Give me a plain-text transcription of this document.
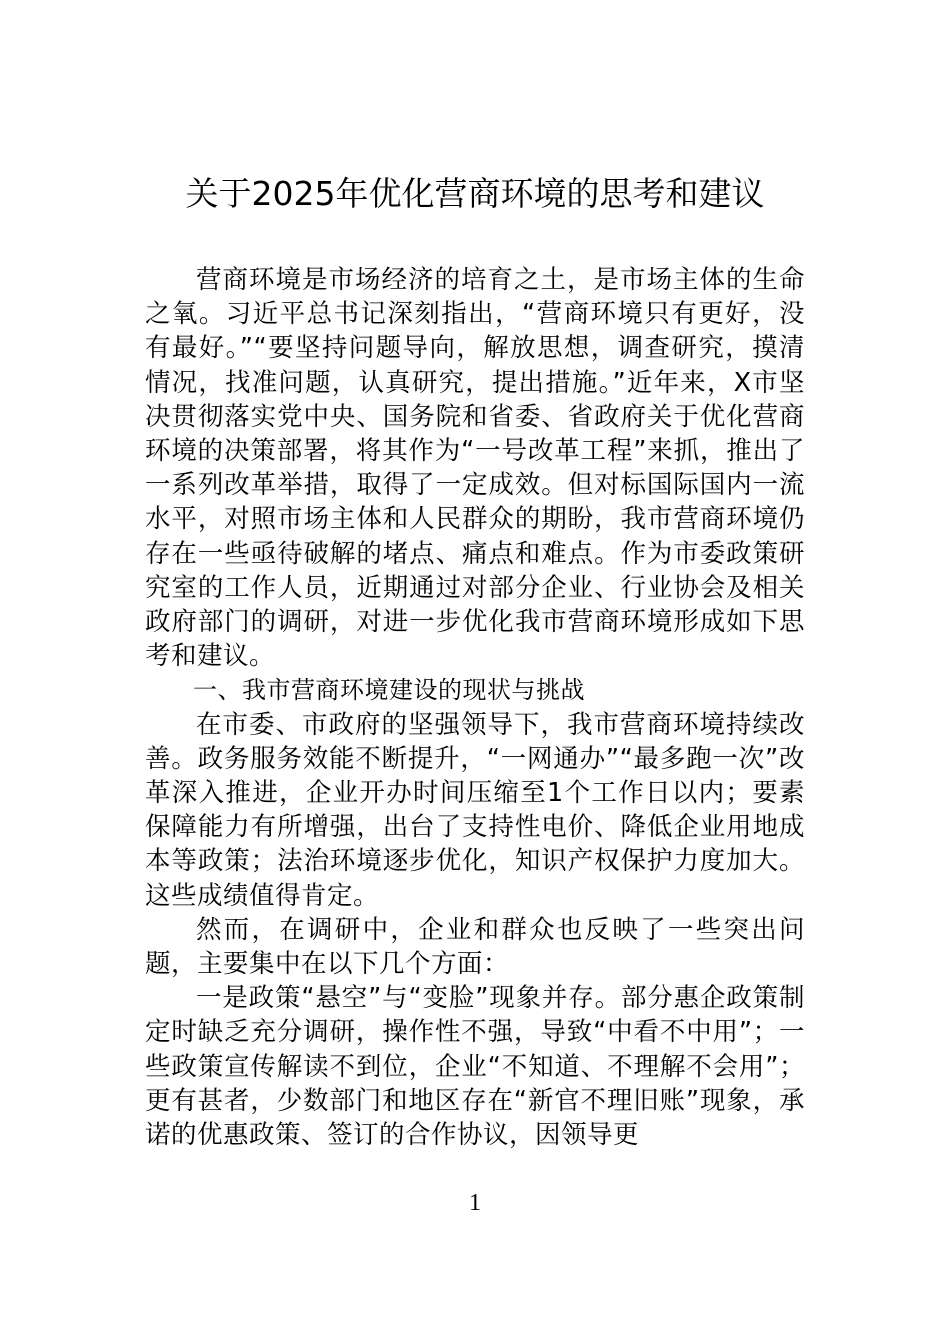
关于2025年优化营商环境的思考和建议

营商环境是市场经济的培育之土，是市场主体的生命之氧。习近平总书记深刻指出，“营商环境只有更好，没有最好。”“要坚持问题导向，解放思想，调查研究，摸清情况，找准问题，认真研究，提出措施。”近年来，X市坚决贯彻落实党中央、国务院和省委、省政府关于优化营商环境的决策部署，将其作为“一号改革工程”来抓，推出了一系列改革举措，取得了一定成效。但对标国际国内一流水平，对照市场主体和人民群众的期盼，我市营商环境仍存在一些亟待破解的堵点、痛点和难点。作为市委政策研究室的工作人员，近期通过对部分企业、行业协会及相关政府部门的调研，对进一步优化我市营商环境形成如下思考和建议。

一、我市营商环境建设的现状与挑战

在市委、市政府的坚强领导下，我市营商环境持续改善。政务服务效能不断提升，“一网通办”“最多跑一次”改革深入推进，企业开办时间压缩至1个工作日以内；要素保障能力有所增强，出台了支持性电价、降低企业用地成本等政策；法治环境逐步优化，知识产权保护力度加大。这些成绩值得肯定。

然而，在调研中，企业和群众也反映了一些突出问题，主要集中在以下几个方面：

一是政策“悬空”与“变脸”现象并存。部分惠企政策制定时缺乏充分调研，操作性不强，导致“中看不中用”；一些政策宣传解读不到位，企业“不知道、不理解不会用”；更有甚者，少数部门和地区存在“新官不理旧账”现象，承诺的优惠政策、签订的合作协议，因领导更

1
